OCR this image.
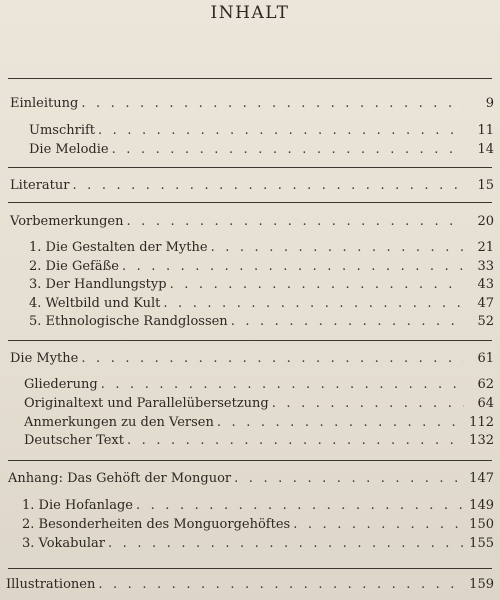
INHALT
Einleitung . . .	9
Umschrift . . .	11
Die Melodie . . .	14
Literatur . . .	15
Vorbemerkungen . . .	20
1. Die Gestalten der Mythe . . .	21
2. Die Gefäße . . .	33
3. Der Handlungstyp . . .	43
4. Weltbild und Kult . . .	47
5. Ethnologische Randglossen . . .	52
Die Mythe . . .	61
Gliederung . . .	62
Originaltext und Parallelübersetzung . . .	64
Anmerkungen zu den Versen . . .	112
Deutscher Text . . .	132
Anhang: Das Gehöft der Monguor . . .	147
1. Die Hofanlage . . .	149
2. Besonderheiten des Monguorgehöftes . . .	150
3. Vokabular . . .	155
Illustrationen . . .	159
